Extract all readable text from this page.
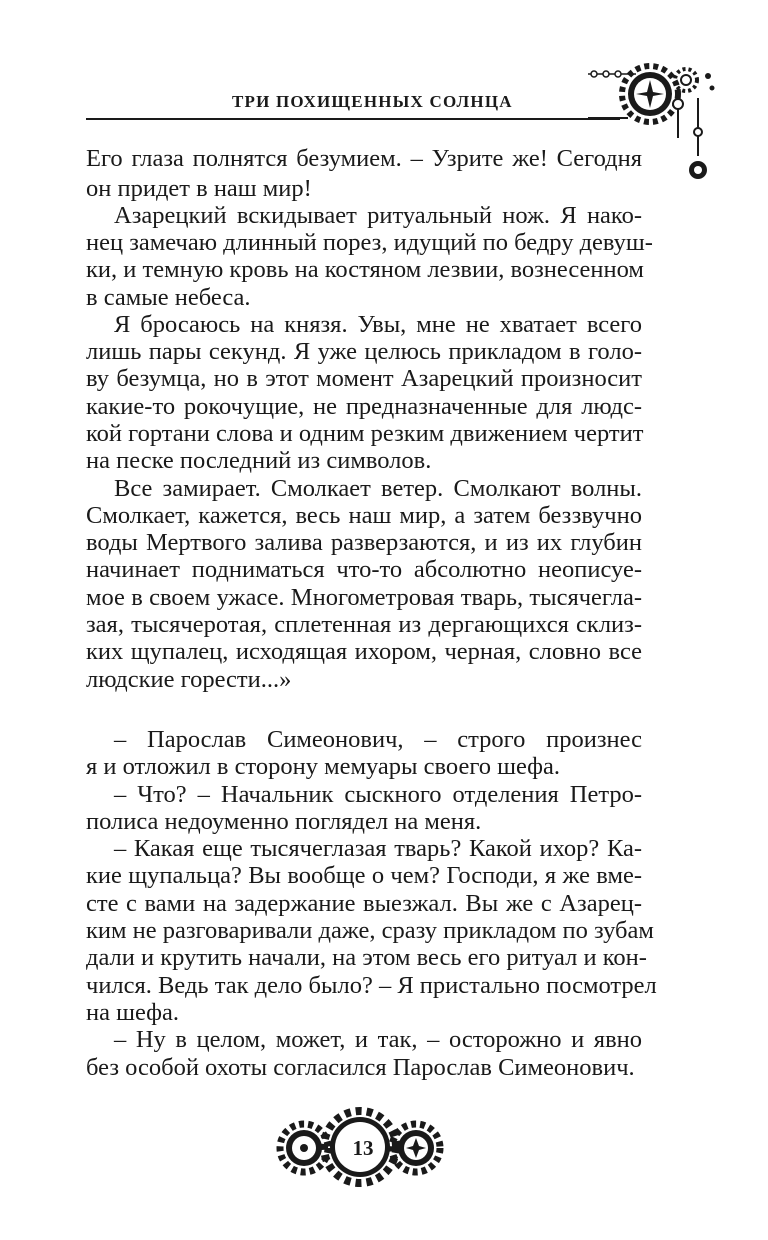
ТРИ ПОХИЩЕННЫХ СОЛНЦА
Его глаза полнятся безумием. – Узрите же! Сегодня
он придет в наш мир!
Азарецкий вскидывает ритуальный нож. Я нако-
нец замечаю длинный порез, идущий по бедру девуш-
ки, и темную кровь на костяном лезвии, вознесенном
в самые небеса.
Я бросаюсь на князя. Увы, мне не хватает всего
лишь пары секунд. Я уже целюсь прикладом в голо-
ву безумца, но в этот момент Азарецкий произносит
какие-то рокочущие, не предназначенные для людс-
кой гортани слова и одним резким движением чертит
на песке последний из символов.
Все замирает. Смолкает ветер. Смолкают волны.
Смолкает, кажется, весь наш мир, а затем беззвучно
воды Мертвого залива разверзаются, и из их глубин
начинает подниматься что-то абсолютно неописуе-
мое в своем ужасе. Многометровая тварь, тысячегла-
зая, тысячеротая, сплетенная из дергающихся склиз-
ких щупалец, исходящая ихором, черная, словно все
людские горести...»
– Парослав Симеонович, – строго произнес
я и отложил в сторону мемуары своего шефа.
– Что? – Начальник сыскного отделения Петро-
полиса недоуменно поглядел на меня.
– Какая еще тысячеглазая тварь? Какой ихор? Ка-
кие щупальца? Вы вообще о чем? Господи, я же вме-
сте с вами на задержание выезжал. Вы же с Азарец-
ким не разговаривали даже, сразу прикладом по зубам
дали и крутить начали, на этом весь его ритуал и кон-
чился. Ведь так дело было? – Я пристально посмотрел
на шефа.
– Ну в целом, может, и так, – осторожно и явно
без особой охоты согласился Парослав Симеонович.
13
